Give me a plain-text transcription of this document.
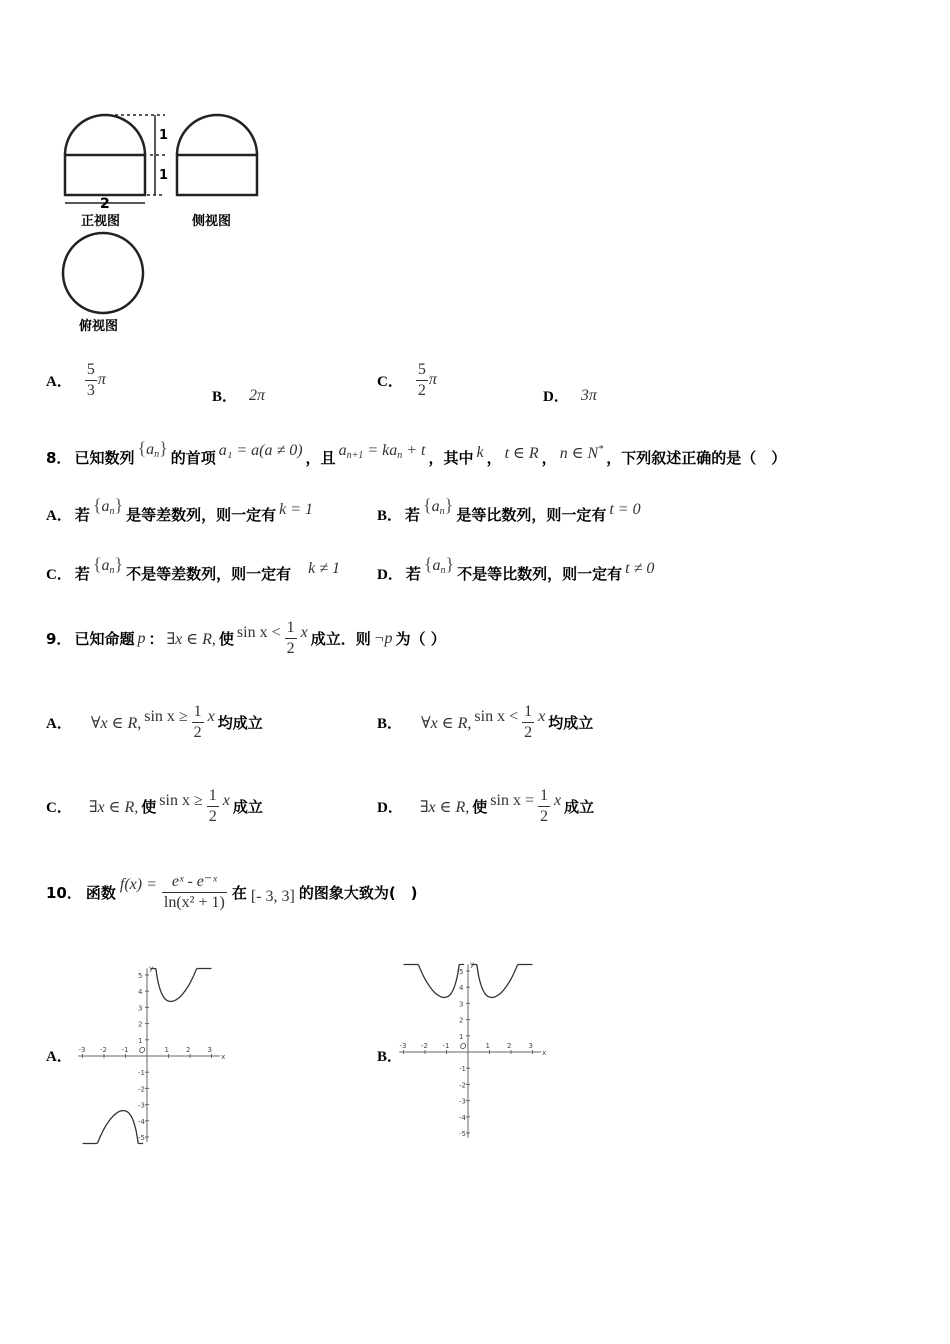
1
1
2
正视图	侧视图
俯视图
A． $\frac{5}{3}$ π
B． 2π
C． $\frac{5}{2}$ π
D． 3π
8． 已知数列 $\{a_n\}$ 的首项 a₁ = a(a ≠ 0) ，且 $a_{n+1} = ka_n + t$ ，其中 k ， t ∈ R ， n ∈ N* ，下列叙述正确的是（　）
A． 若 $\{a_n\}$ 是等差数列，则一定有 k = 1	B． 若 $\{a_n\}$ 是等比数列，则一定有 t = 0
C． 若 $\{a_n\}$ 不是等差数列，则一定有 k ≠ 1 D． 若 $\{a_n\}$ 不是等比数列，则一定有 t ≠ 0
9． 已知命题 p ： ∃x ∈ R, 使 $\sin x < \frac{1}{2}$ x 成立．则 ¬p 为（ ）
A． ∀x ∈ R, $\sin x \ge \frac{1}{2}$ x 均成立	B． ∀x ∈ R, $\sin x < \frac{1}{2}$ x 均成立
C． ∃x ∈ R, 使 $\sin x \ge \frac{1}{2}$ x 成立	D． ∃x ∈ R, 使 $\sin x = \frac{1}{2}$ x 成立
10． 函数 $f(x) = \frac{\text{eˣ - e⁻ˣ}}{\text{ln(x² + 1)}}$ 在 [- 3, 3] 的图象大致为(　)
A． -3 -2 -1	1 2 3
5
4
3
2
1
-1
-2
-3
-4
-5
O
x
y
B．
-3 -2 -1	1 2 3
5
4
3
2
1
-1
-2
-3
-4
-5
O
x
y
